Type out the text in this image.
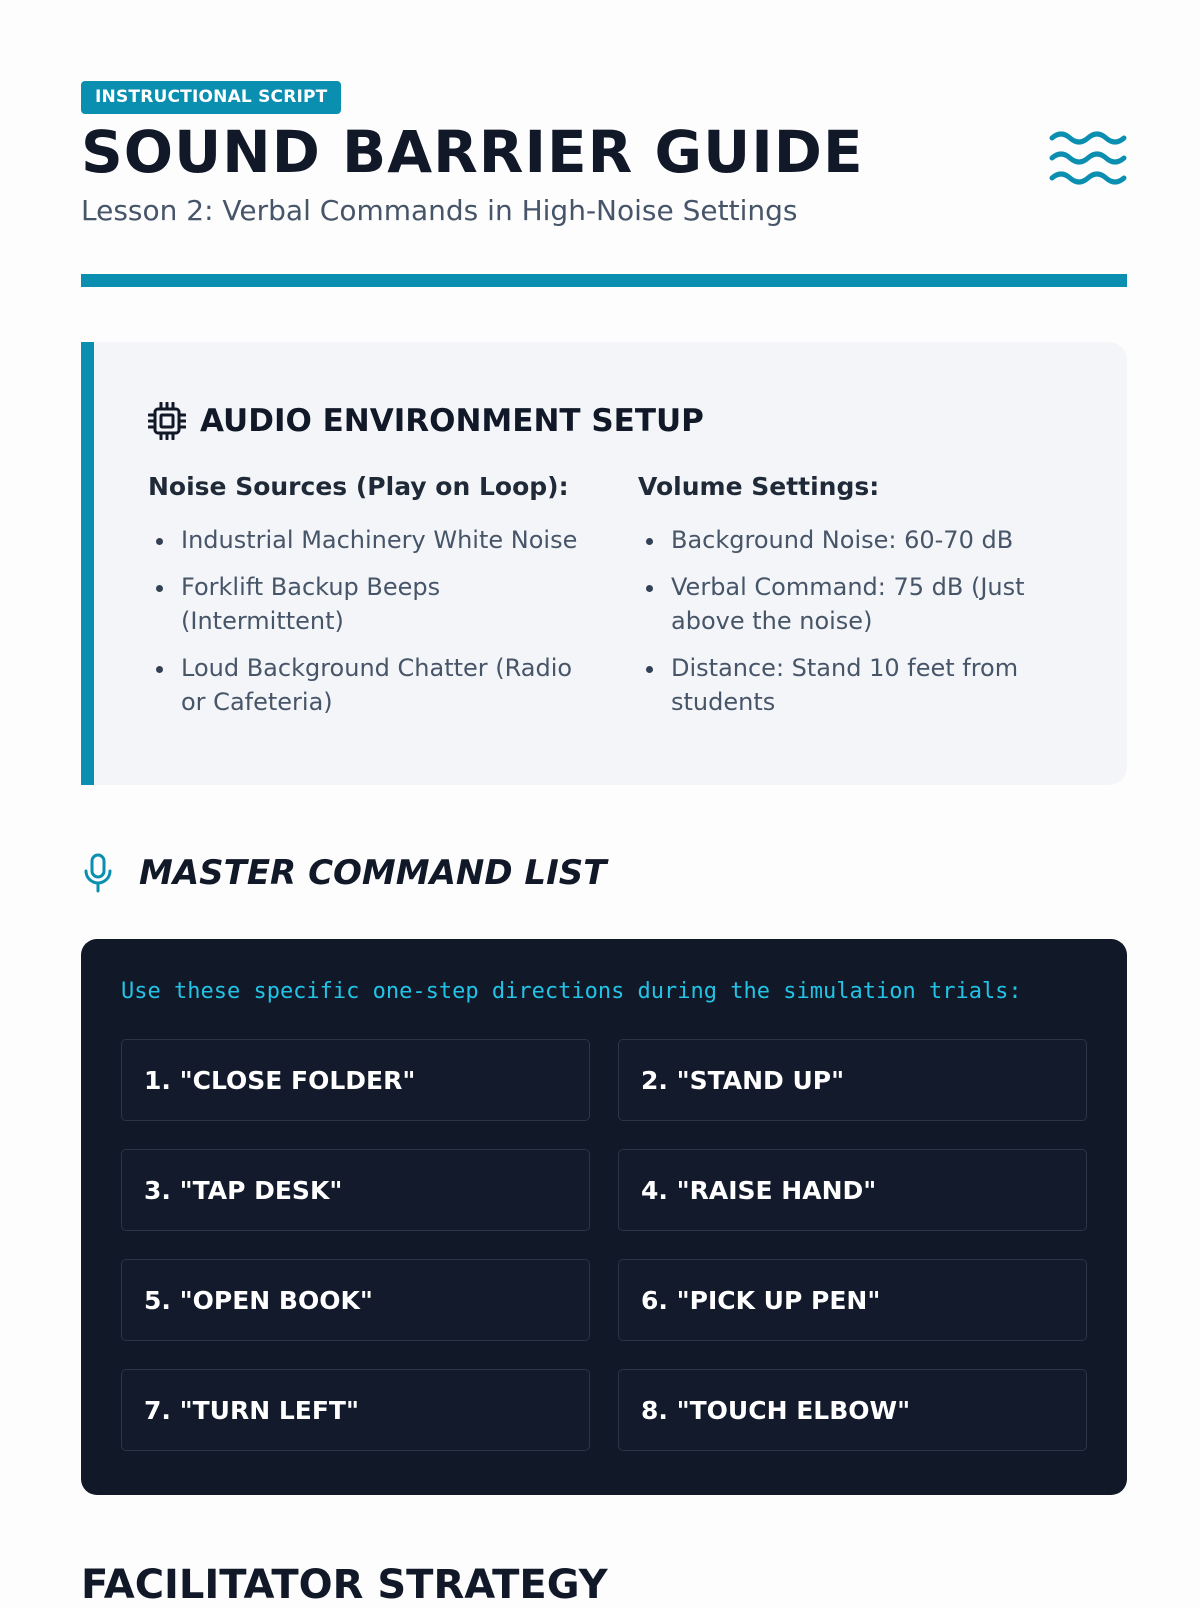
INSTRUCTIONAL SCRIPT
SOUND BARRIER GUIDE
Lesson 2: Verbal Commands in High-Noise Settings
AUDIO ENVIRONMENT SETUP
Noise Sources (Play on Loop):
Industrial Machinery White Noise
Forklift Backup Beeps (Intermittent)
Loud Background Chatter (Radio or Cafeteria)
Volume Settings:
Background Noise: 60-70 dB
Verbal Command: 75 dB (Just above the noise)
Distance: Stand 10 feet from students
MASTER COMMAND LIST
Use these specific one-step directions during the simulation trials:
1. "CLOSE FOLDER"	2. "STAND UP"
3. "TAP DESK"	4. "RAISE HAND"
5. "OPEN BOOK"	6. "PICK UP PEN"
7. "TURN LEFT"	8. "TOUCH ELBOW"
FACILITATOR STRATEGY
